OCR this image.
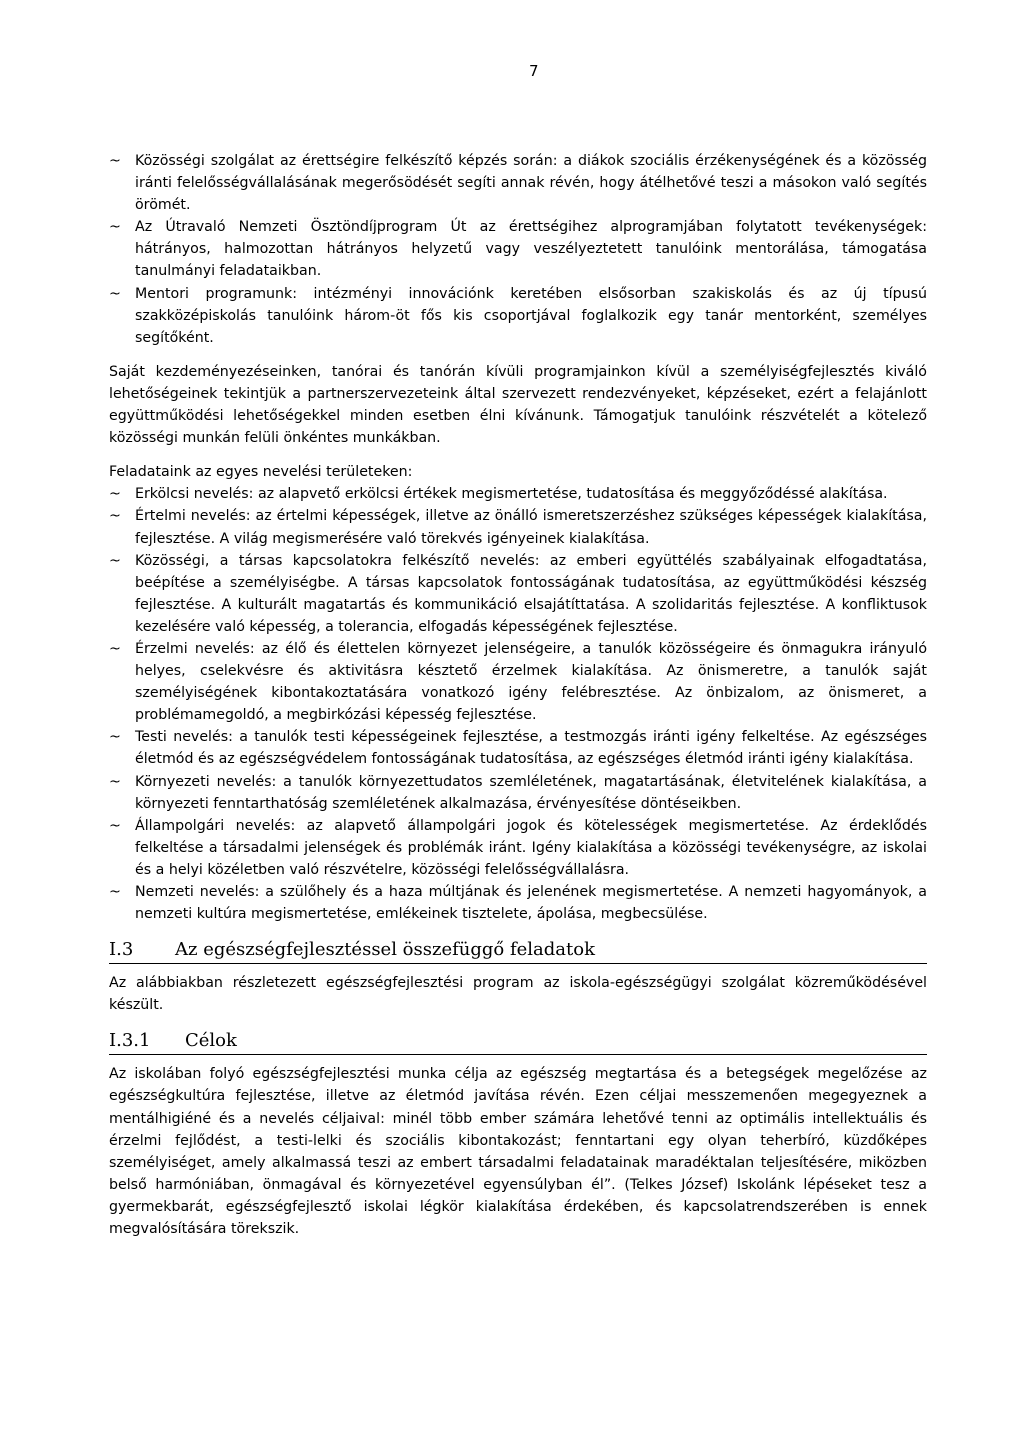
7
~ Közösségi szolgálat az érettségire felkészítő képzés során: a diákok szociális érzékenységének és a közösség iránti felelősségvállalásának megerősödését segíti annak révén, hogy átélhetővé teszi a másokon való segítés örömét.
~ Az Útravaló Nemzeti Ösztöndíjprogram Út az érettségihez alprogramjában folytatott tevékenységek: hátrányos, halmozottan hátrányos helyzetű vagy veszélyeztetett tanulóink mentorálása, támogatása tanulmányi feladataikban.
~ Mentori programunk: intézményi innovációnk keretében elsősorban szakiskolás és az új típusú szakközépiskolás tanulóink három-öt fős kis csoportjával foglalkozik egy tanár mentorként, személyes segítőként.

Saját kezdeményezéseinken, tanórai és tanórán kívüli programjainkon kívül a személyiségfejlesztés kiváló lehetőségeinek tekintjük a partnerszervezeteink által szervezett rendezvényeket, képzéseket, ezért a felajánlott együttműködési lehetőségekkel minden esetben élni kívánunk. Támogatjuk tanulóink részvételét a kötelező közösségi munkán felüli önkéntes munkákban.

Feladataink az egyes nevelési területeken:

~ Erkölcsi nevelés: az alapvető erkölcsi értékek megismertetése, tudatosítása és meggyőződéssé alakítása.
~ Értelmi nevelés: az értelmi képességek, illetve az önálló ismeretszerzéshez szükséges képességek kialakítása, fejlesztése. A világ megismerésére való törekvés igényeinek kialakítása.
~ Közösségi, a társas kapcsolatokra felkészítő nevelés: az emberi együttélés szabályainak elfogadtatása, beépítése a személyiségbe. A társas kapcsolatok fontosságának tudatosítása, az együttműködési készség fejlesztése. A kulturált magatartás és kommunikáció elsajátíttatása. A szolidaritás fejlesztése. A konfliktusok kezelésére való képesség, a tolerancia, elfogadás képességének fejlesztése.
~ Érzelmi nevelés: az élő és élettelen környezet jelenségeire, a tanulók közösségeire és önmagukra irányuló helyes, cselekvésre és aktivitásra késztető érzelmek kialakítása. Az önismeretre, a tanulók saját személyiségének kibontakoztatására vonatkozó igény felébresztése. Az önbizalom, az önismeret, a problémamegoldó, a megbirkózási képesség fejlesztése.
~ Testi nevelés: a tanulók testi képességeinek fejlesztése, a testmozgás iránti igény felkeltése. Az egészséges életmód és az egészségvédelem fontosságának tudatosítása, az egészséges életmód iránti igény kialakítása.
~ Környezeti nevelés: a tanulók környezettudatos szemléletének, magatartásának, életvitelének kialakítása, a környezeti fenntarthatóság szemléletének alkalmazása, érvényesítése döntéseikben.
~ Állampolgári nevelés: az alapvető állampolgári jogok és kötelességek megismertetése. Az érdeklődés felkeltése a társadalmi jelenségek és problémák iránt. Igény kialakítása a közösségi tevékenységre, az iskolai és a helyi közéletben való részvételre, közösségi felelősségvállalásra.
~ Nemzeti nevelés: a szülőhely és a haza múltjának és jelenének megismertetése. A nemzeti hagyományok, a nemzeti kultúra megismertetése, emlékeinek tisztelete, ápolása, megbecsülése.
I.3	Az egészségfejlesztéssel összefüggő feladatok

Az alábbiakban részletezett egészségfejlesztési program az iskola-egészségügyi szolgálat közreműködésével készült.

I.3.1	Célok

Az iskolában folyó egészségfejlesztési munka célja az egészség megtartása és a betegségek megelőzése az egészségkultúra fejlesztése, illetve az életmód javítása révén. Ezen céljai messzemenően megegyeznek a mentálhigiéné és a nevelés céljaival: minél több ember számára lehetővé tenni az optimális intellektuális és érzelmi fejlődést, a testi-lelki és szociális kibontakozást; fenntartani egy olyan teherbíró, küzdőképes személyiséget, amely alkalmassá teszi az embert társadalmi feladatainak maradéktalan teljesítésére, miközben belső harmóniában, önmagával és környezetével egyensúlyban él”. (Telkes József) Iskolánk lépéseket tesz a gyermekbarát, egészségfejlesztő iskolai légkör kialakítása érdekében, és kapcsolatrendszerében is ennek megvalósítására törekszik.
